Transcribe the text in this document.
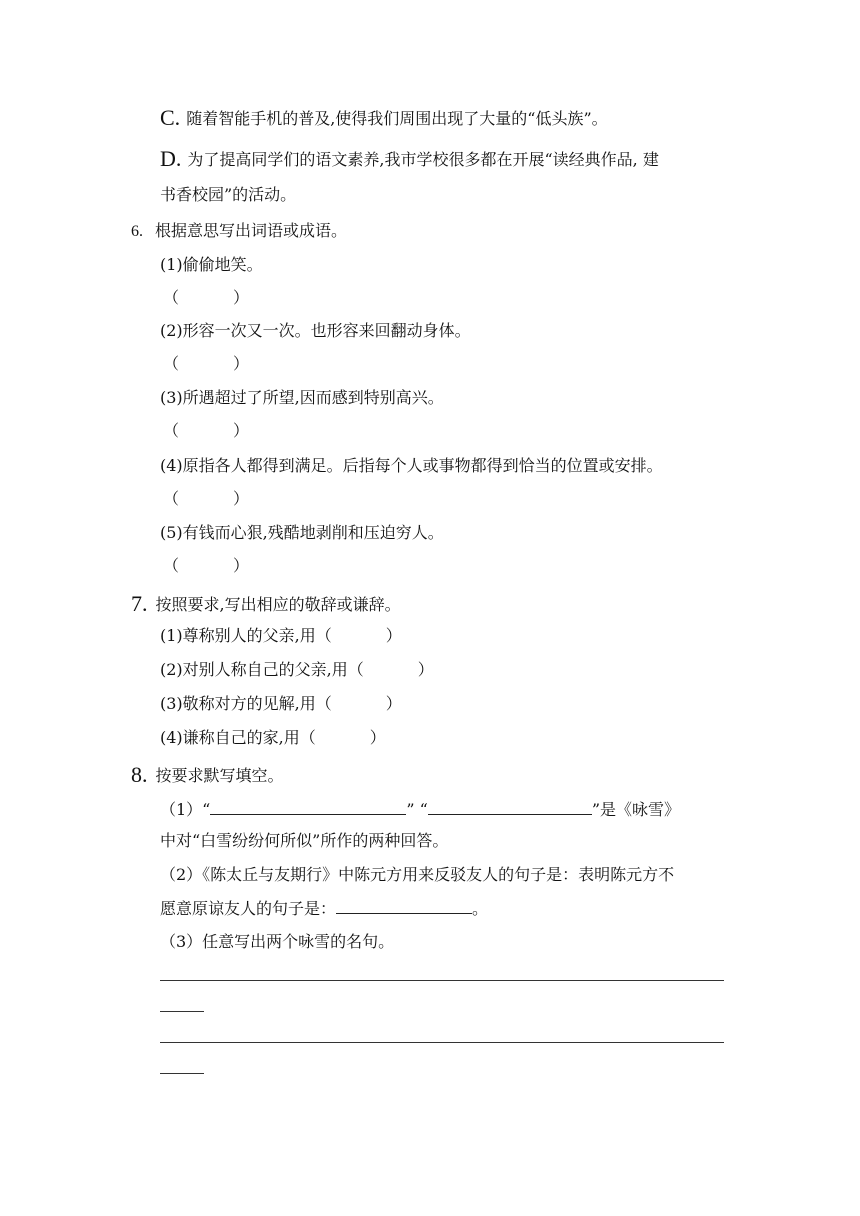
C. 随着智能手机的普及,使得我们周围出现了大量的“低头族”。
D. 为了提高同学们的语文素养,我市学校很多都在开展“读经典作品, 建
书香校园”的活动。
6. 根据意思写出词语或成语。
(1)偷偷地笑。
（	）
(2)形容一次又一次。也形容来回翻动身体。
（	）
(3)所遇超过了所望,因而感到特别高兴。
（	）
(4)原指各人都得到满足。后指每个人或事物都得到恰当的位置或安排。
（	）
(5)有钱而心狠,残酷地剥削和压迫穷人。
（	）
7. 按照要求,写出相应的敬辞或谦辞。
(1)尊称别人的父亲,用（	）
(2)对别人称自己的父亲,用（	）
(3)敬称对方的见解,用（	）
(4)谦称自己的家,用（	）
8. 按要求默写填空。
（1）“	” “	”是《咏雪》
中对“白雪纷纷何所似”所作的两种回答。
（2）《陈太丘与友期行》中陈元方用来反驳友人的句子是：表明陈元方不
愿意原谅友人的句子是：	。
（3）任意写出两个咏雪的名句。
